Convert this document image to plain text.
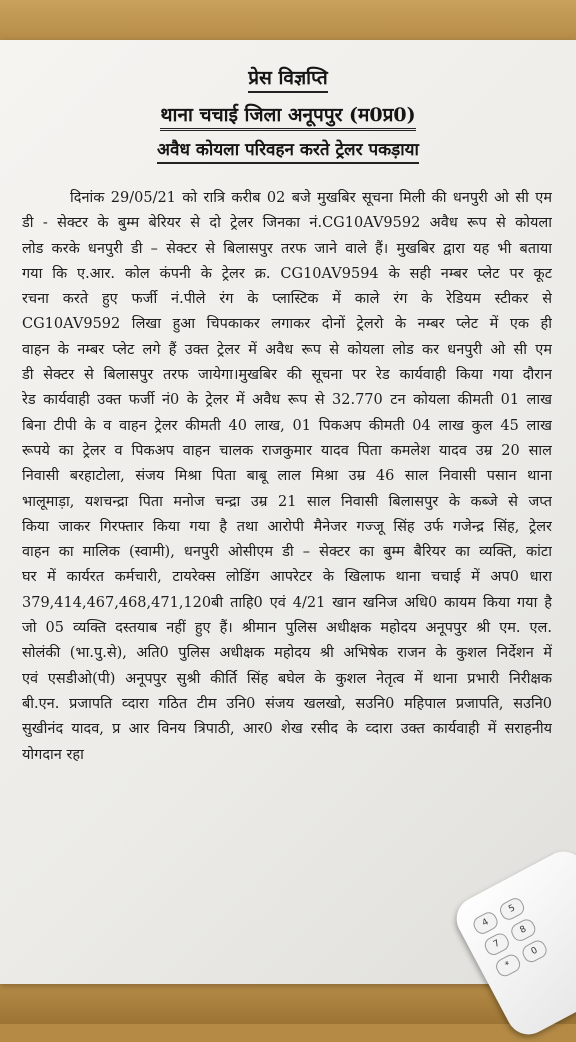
प्रेस विज्ञप्ति
थाना चचाई जिला अनूपपुर (म0प्र0)
अवैध कोयला परिवहन करते ट्रेलर पकड़ाया
दिनांक 29/05/21 को रात्रि करीब 02 बजे मुखबिर सूचना मिली की धनपुरी ओ सी एम
डी - सेक्टर के बुम्म बेरियर से दो ट्रेलर जिनका नं.CG10AV9592 अवैध रूप से कोयला
लोड करके धनपुरी डी – सेक्टर से बिलासपुर तरफ जाने वाले हैं। मुखबिर द्वारा यह भी बताया
गया कि ए.आर. कोल कंपनी के ट्रेलर क्र. CG10AV9594 के सही नम्बर प्लेट पर कूट
रचना करते हुए फर्जी नं.पीले रंग के प्लास्टिक में काले रंग के रेडियम स्टीकर से
CG10AV9592 लिखा हुआ चिपकाकर लगाकर दोनों ट्रेलरो के नम्बर प्लेट में एक ही
वाहन के नम्बर प्लेट लगे हैं उक्त ट्रेलर में अवैध रूप से कोयला लोड कर धनपुरी ओ सी एम
डी सेक्टर से बिलासपुर तरफ जायेगा।मुखबिर की सूचना पर रेड कार्यवाही किया गया दौरान
रेड कार्यवाही उक्त फर्जी नं0 के ट्रेलर में अवैध रूप से 32.770 टन कोयला कीमती 01 लाख
बिना टीपी के व वाहन ट्रेलर कीमती 40 लाख, 01 पिकअप कीमती 04 लाख कुल 45 लाख
रूपये का ट्रेलर व पिकअप वाहन चालक राजकुमार यादव पिता कमलेश यादव उम्र 20 साल
निवासी बरहाटोला, संजय मिश्रा पिता बाबू लाल मिश्रा उम्र 46 साल निवासी पसान थाना
भालूमाड़ा, यशचन्द्रा पिता मनोज चन्द्रा उम्र 21 साल निवासी बिलासपुर के कब्जे से जप्त
किया जाकर गिरफ्तार किया गया है तथा आरोपी मैनेजर गज्जू सिंह उर्फ गजेन्द्र सिंह, ट्रेलर
वाहन का मालिक (स्वामी), धनपुरी ओसीएम डी – सेक्टर का बुम्म बैरियर का व्यक्ति, कांटा
घर में कार्यरत कर्मचारी, टायरेक्स लोडिंग आपरेटर के खिलाफ थाना चचाई में अप0 धारा
379,414,467,468,471,120बी ताहि0 एवं 4/21 खान खनिज अधि0 कायम किया गया है
जो 05 व्यक्ति दस्तयाब नहीं हुए हैं। श्रीमान पुलिस अधीक्षक महोदय अनूपपुर श्री एम. एल.
सोलंकी (भा.पु.से), अति0 पुलिस अधीक्षक महोदय श्री अभिषेक राजन के कुशल निर्देशन में
एवं एसडीओ(पी) अनूपपुर सुश्री कीर्ति सिंह बघेल के कुशल नेतृत्व में थाना प्रभारी निरीक्षक
बी.एन. प्रजापति व्दारा गठित टीम उनि0 संजय खलखो, सउनि0 महिपाल प्रजापति, सउनि0
सुखीनंद यादव, प्र आर विनय त्रिपाठी, आर0 शेख रसीद के व्दारा उक्त कार्यवाही में सराहनीय
योगदान रहा
4
7
*
5
8
0
